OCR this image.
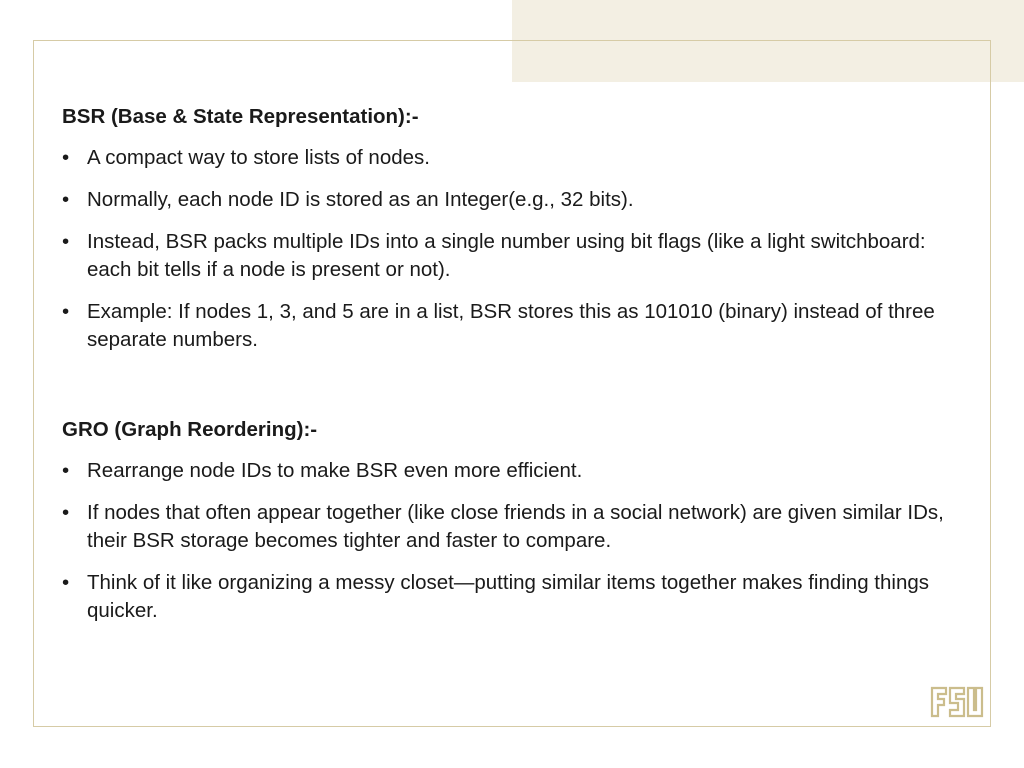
BSR (Base & State Representation):-
• A compact way to store lists of nodes.
• Normally, each node ID is stored as an Integer(e.g., 32 bits).
• Instead, BSR packs multiple IDs into a single number using bit flags (like a light switchboard: each bit tells if a node is present or not).
• Example: If nodes 1, 3, and 5 are in a list, BSR stores this as 101010 (binary) instead of three separate numbers.
GRO (Graph Reordering):-
• Rearrange node IDs to make BSR even more efficient.
• If nodes that often appear together (like close friends in a social network) are given similar IDs, their BSR storage becomes tighter and faster to compare.
• Think of it like organizing a messy closet—putting similar items together makes finding things quicker.
